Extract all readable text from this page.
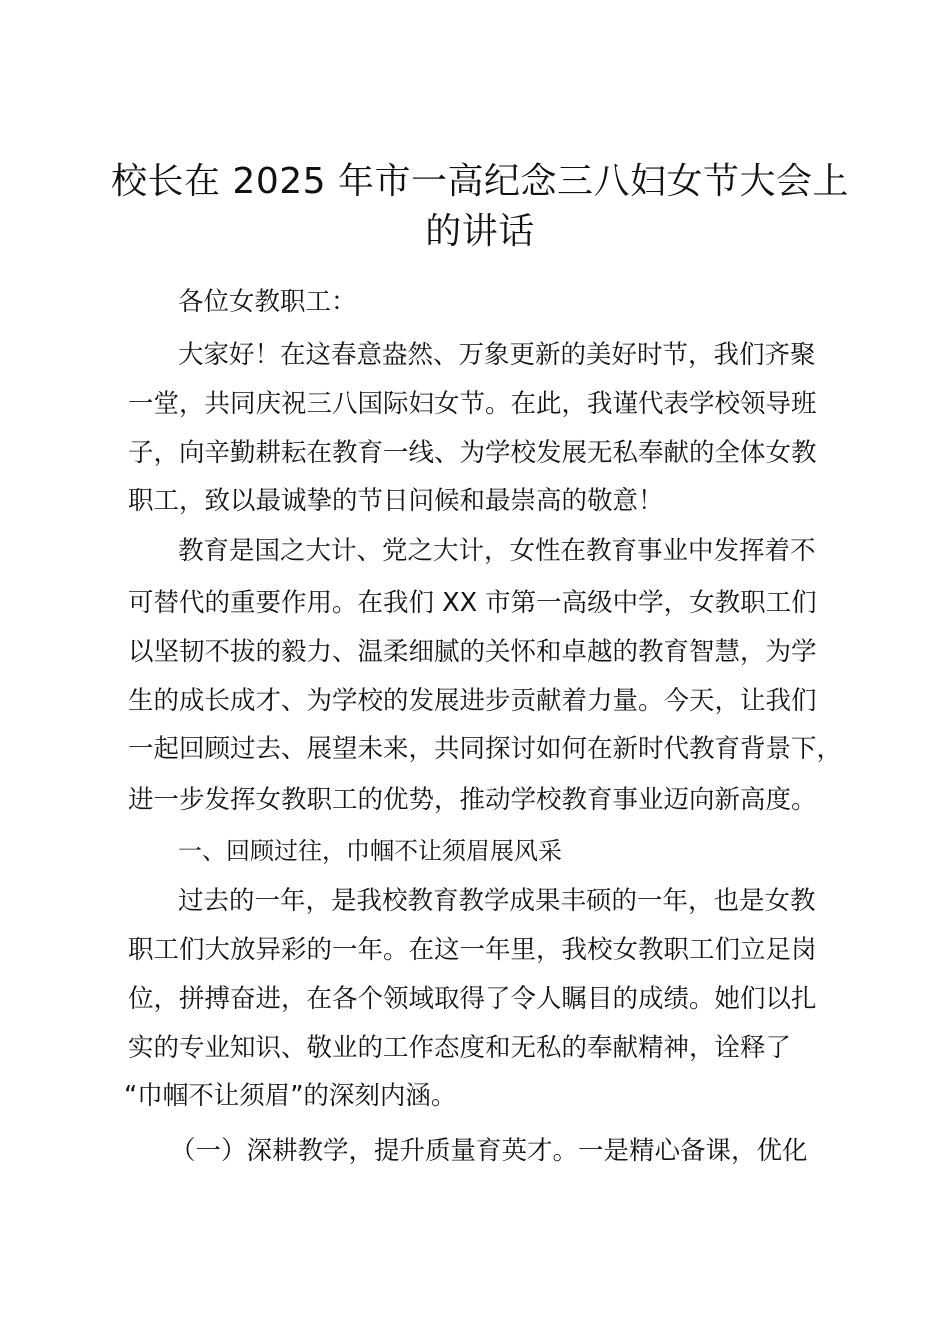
校长在 2025 年市一高纪念三八妇女节大会上
的讲话

各位女教职工：

大家好！在这春意盎然、万象更新的美好时节，我们齐聚

一堂，共同庆祝三八国际妇女节。在此，我谨代表学校领导班

子，向辛勤耕耘在教育一线、为学校发展无私奉献的全体女教

职工，致以最诚挚的节日问候和最崇高的敬意！

教育是国之大计、党之大计，女性在教育事业中发挥着不

可替代的重要作用。在我们 XX 市第一高级中学，女教职工们

以坚韧不拔的毅力、温柔细腻的关怀和卓越的教育智慧，为学

生的成长成才、为学校的发展进步贡献着力量。今天，让我们

一起回顾过去、展望未来，共同探讨如何在新时代教育背景下，

进一步发挥女教职工的优势，推动学校教育事业迈向新高度。

一、回顾过往，巾帼不让须眉展风采

过去的一年，是我校教育教学成果丰硕的一年，也是女教

职工们大放异彩的一年。在这一年里，我校女教职工们立足岗

位，拼搏奋进，在各个领域取得了令人瞩目的成绩。她们以扎

实的专业知识、敬业的工作态度和无私的奉献精神，诠释了

“巾帼不让须眉”的深刻内涵。

（一）深耕教学，提升质量育英才。一是精心备课，优化
